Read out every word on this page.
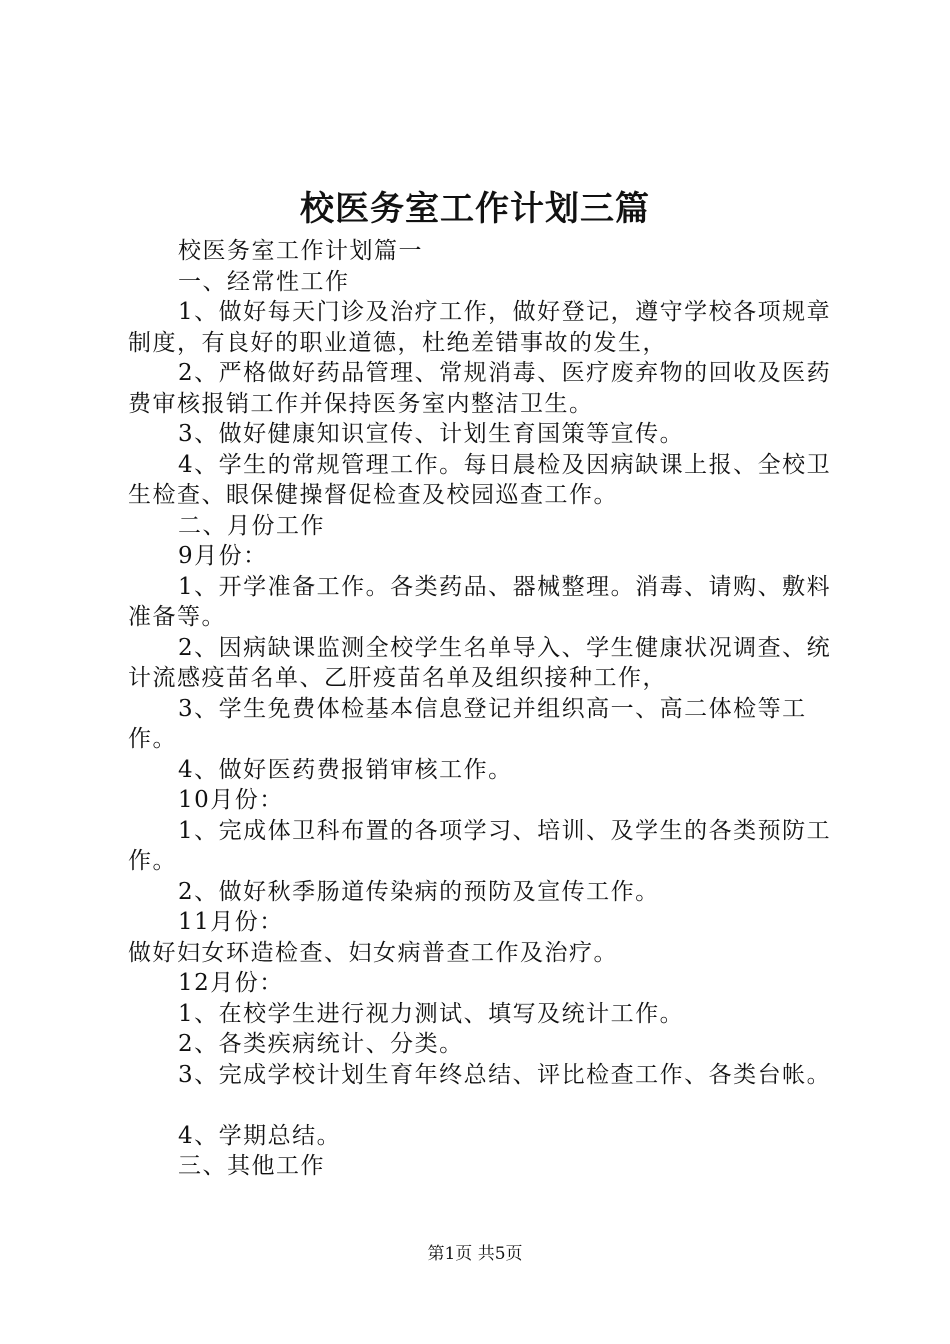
校医务室工作计划三篇

校医务室工作计划篇一

一、经常性工作

1、做好每天门诊及治疗工作，做好登记，遵守学校各项规章制度，有良好的职业道德，杜绝差错事故的发生，

2、严格做好药品管理、常规消毒、医疗废弃物的回收及医药费审核报销工作并保持医务室内整洁卫生。

3、做好健康知识宣传、计划生育国策等宣传。

4、学生的常规管理工作。每日晨检及因病缺课上报、全校卫生检查、眼保健操督促检查及校园巡查工作。

二、月份工作

9月份：

1、开学准备工作。各类药品、器械整理。消毒、请购、敷料准备等。

2、因病缺课监测全校学生名单导入、学生健康状况调查、统计流感疫苗名单、乙肝疫苗名单及组织接种工作，

3、学生免费体检基本信息登记并组织高一、高二体检等工作。

4、做好医药费报销审核工作。

10月份：

1、完成体卫科布置的各项学习、培训、及学生的各类预防工作。

2、做好秋季肠道传染病的预防及宣传工作。

11月份：

做好妇女环造检查、妇女病普查工作及治疗。

12月份：

1、在校学生进行视力测试、填写及统计工作。

2、各类疾病统计、分类。

3、完成学校计划生育年终总结、评比检查工作、各类台帐。

4、学期总结。

三、其他工作

第1页 共5页
